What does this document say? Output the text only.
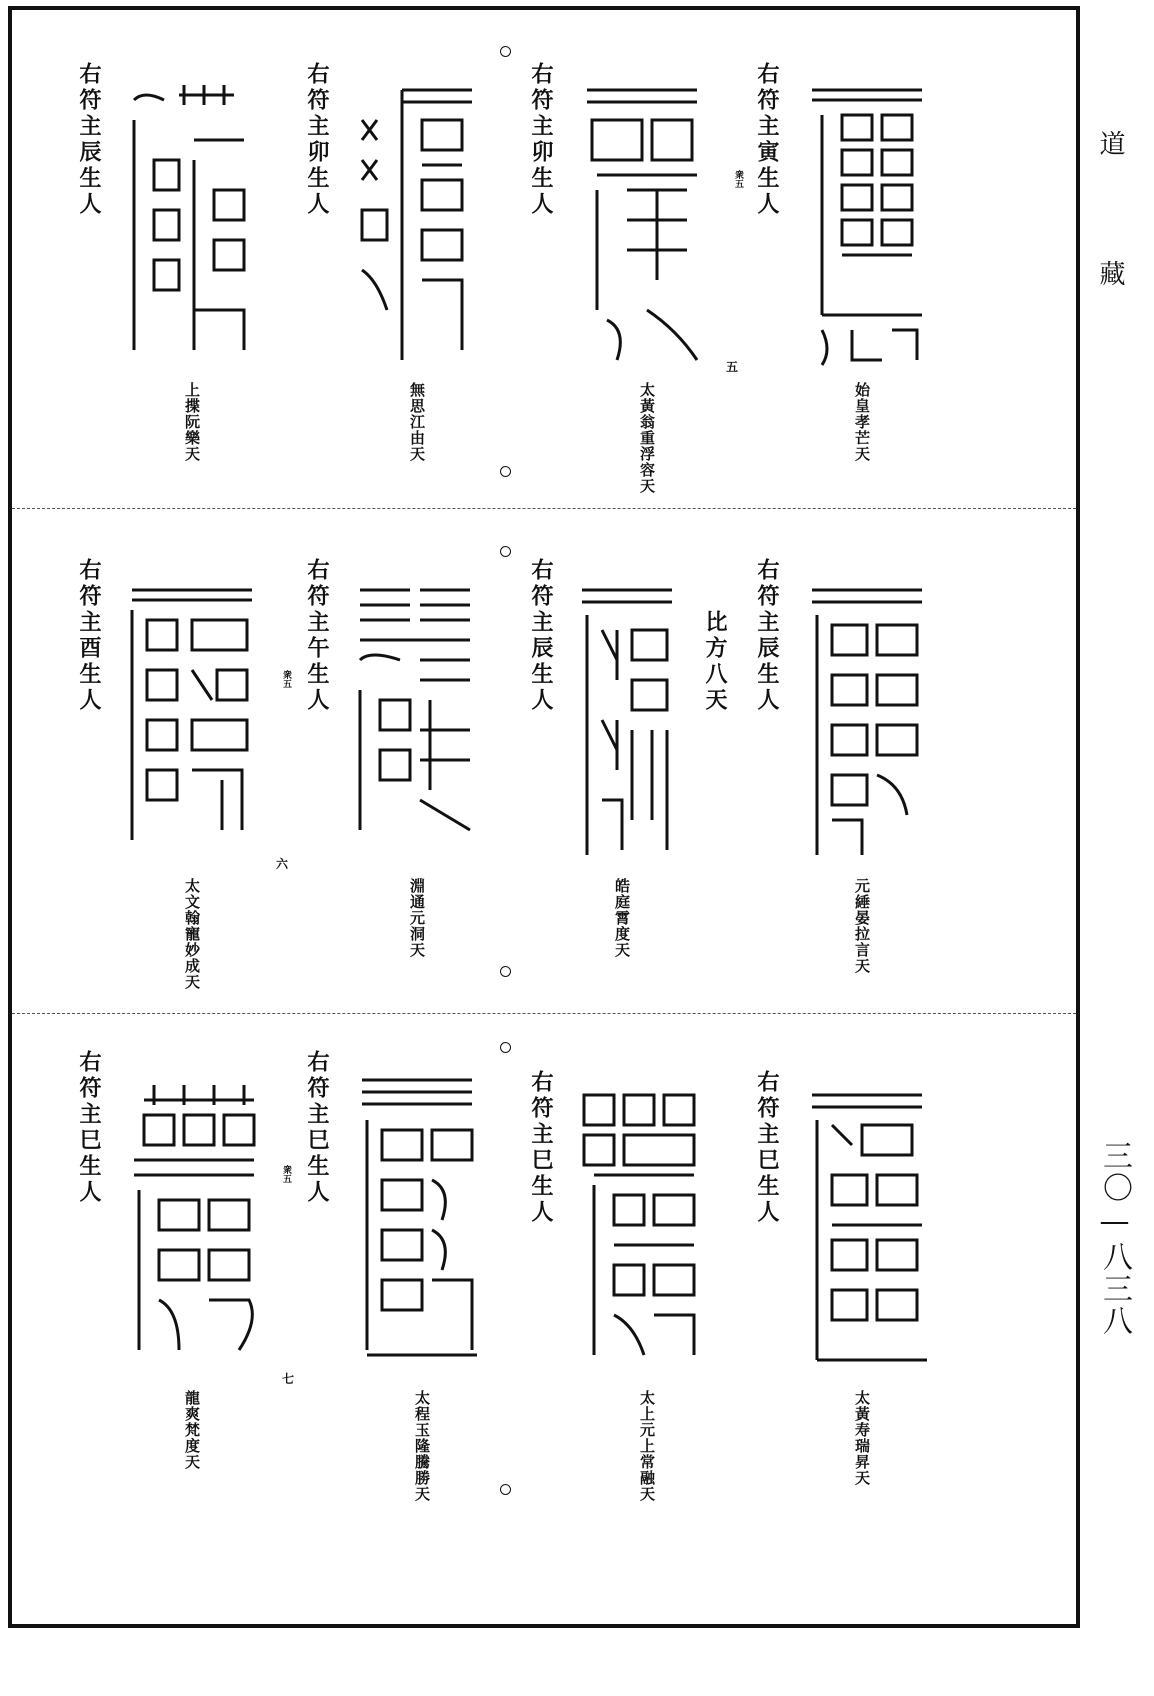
道
藏
三〇—八三八
右符主寅生人
衆五
始皇孝芒天
右符主卯生人
太黃翁重浮容天
五
右符主卯生人
無思江由天
右符主辰生人
上揲阮樂天
右符主辰生人
元綞晏拉言天
右符主辰生人	比方八天
皓庭霄度天
右符主午生人
衆五
淵通元洞天
右符主酉生人
太文翰寵妙成天
六
右符主巳生人
太黃寿瑞昇天
右符主巳生人
太上元上常融天
右符主巳生人
衆五
太程玉隆騰勝天
七
右符主巳生人
龍爽梵度天
